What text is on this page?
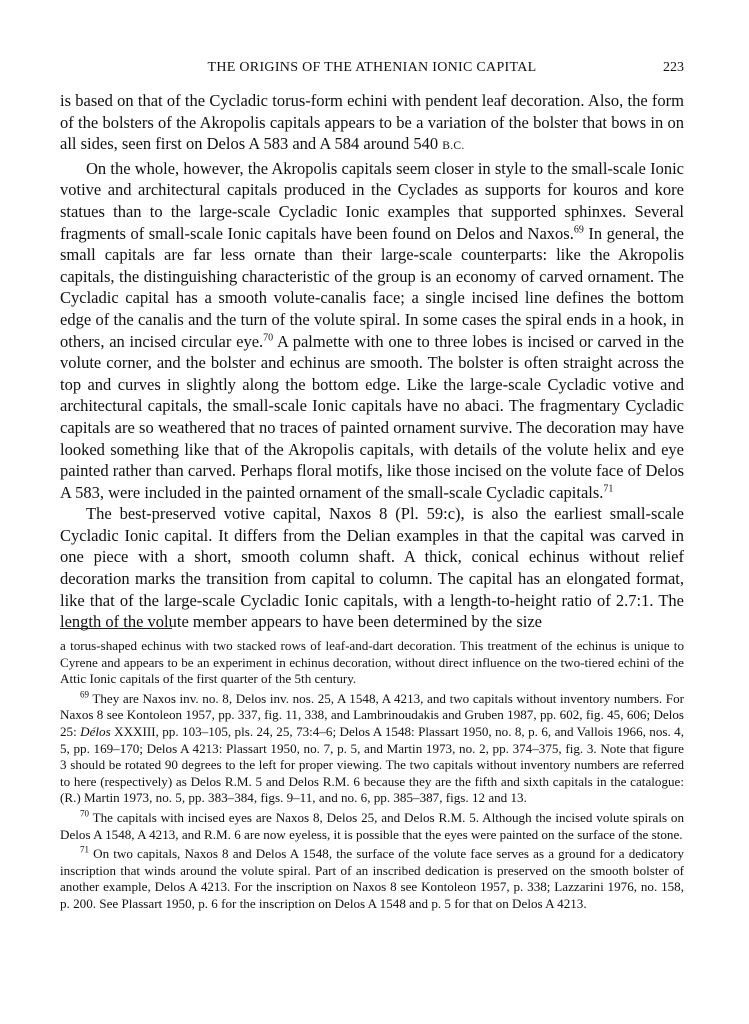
THE ORIGINS OF THE ATHENIAN IONIC CAPITAL	223

is based on that of the Cycladic torus-form echini with pendent leaf decoration. Also, the form of the bolsters of the Akropolis capitals appears to be a variation of the bolster that bows in on all sides, seen first on Delos A 583 and A 584 around 540 B.C.

On the whole, however, the Akropolis capitals seem closer in style to the small-scale Ionic votive and architectural capitals produced in the Cyclades as supports for kouros and kore statues than to the large-scale Cycladic Ionic examples that supported sphinxes. Several fragments of small-scale Ionic capitals have been found on Delos and Naxos.$^{69}$ In general, the small capitals are far less ornate than their large-scale counterparts: like the Akropolis capitals, the distinguishing characteristic of the group is an economy of carved ornament. The Cycladic capital has a smooth volute-canalis face; a single incised line defines the bottom edge of the canalis and the turn of the volute spiral. In some cases the spiral ends in a hook, in others, an incised circular eye.$^{70}$ A palmette with one to three lobes is incised or carved in the volute corner, and the bolster and echinus are smooth. The bolster is often straight across the top and curves in slightly along the bottom edge. Like the large-scale Cycladic votive and architectural capitals, the small-scale Ionic capitals have no abaci. The fragmentary Cycladic capitals are so weathered that no traces of painted ornament survive. The decoration may have looked something like that of the Akropolis capitals, with details of the volute helix and eye painted rather than carved. Perhaps floral motifs, like those incised on the volute face of Delos A 583, were included in the painted ornament of the small-scale Cycladic capitals.$^{71}$

The best-preserved votive capital, Naxos 8 (Pl. 59:c), is also the earliest small-scale Cycladic Ionic capital. It differs from the Delian examples in that the capital was carved in one piece with a short, smooth column shaft. A thick, conical echinus without relief decoration marks the transition from capital to column. The capital has an elongated format, like that of the large-scale Cycladic Ionic capitals, with a length-to-height ratio of 2.7:1. The length of the volute member appears to have been determined by the size

a torus-shaped echinus with two stacked rows of leaf-and-dart decoration. This treatment of the echinus is unique to Cyrene and appears to be an experiment in echinus decoration, without direct influence on the two-tiered echini of the Attic Ionic capitals of the first quarter of the 5th century.

$^{69}$ They are Naxos inv. no. 8, Delos inv. nos. 25, A 1548, A 4213, and two capitals without inventory numbers. For Naxos 8 see Kontoleon 1957, pp. 337, fig. 11, 338, and Lambrinoudakis and Gruben 1987, pp. 602, fig. 45, 606; Delos 25: Délos XXXIII, pp. 103–105, pls. 24, 25, 73:4–6; Delos A 1548: Plassart 1950, no. 8, p. 6, and Vallois 1966, nos. 4, 5, pp. 169–170; Delos A 4213: Plassart 1950, no. 7, p. 5, and Martin 1973, no. 2, pp. 374–375, fig. 3. Note that figure 3 should be rotated 90 degrees to the left for proper viewing. The two capitals without inventory numbers are referred to here (respectively) as Delos R.M. 5 and Delos R.M. 6 because they are the fifth and sixth capitals in the catalogue: (R.) Martin 1973, no. 5, pp. 383–384, figs. 9–11, and no. 6, pp. 385–387, figs. 12 and 13.

$^{70}$ The capitals with incised eyes are Naxos 8, Delos 25, and Delos R.M. 5. Although the incised volute spirals on Delos A 1548, A 4213, and R.M. 6 are now eyeless, it is possible that the eyes were painted on the surface of the stone.

$^{71}$ On two capitals, Naxos 8 and Delos A 1548, the surface of the volute face serves as a ground for a dedicatory inscription that winds around the volute spiral. Part of an inscribed dedication is preserved on the smooth bolster of another example, Delos A 4213. For the inscription on Naxos 8 see Kontoleon 1957, p. 338; Lazzarini 1976, no. 158, p. 200. See Plassart 1950, p. 6 for the inscription on Delos A 1548 and p. 5 for that on Delos A 4213.
